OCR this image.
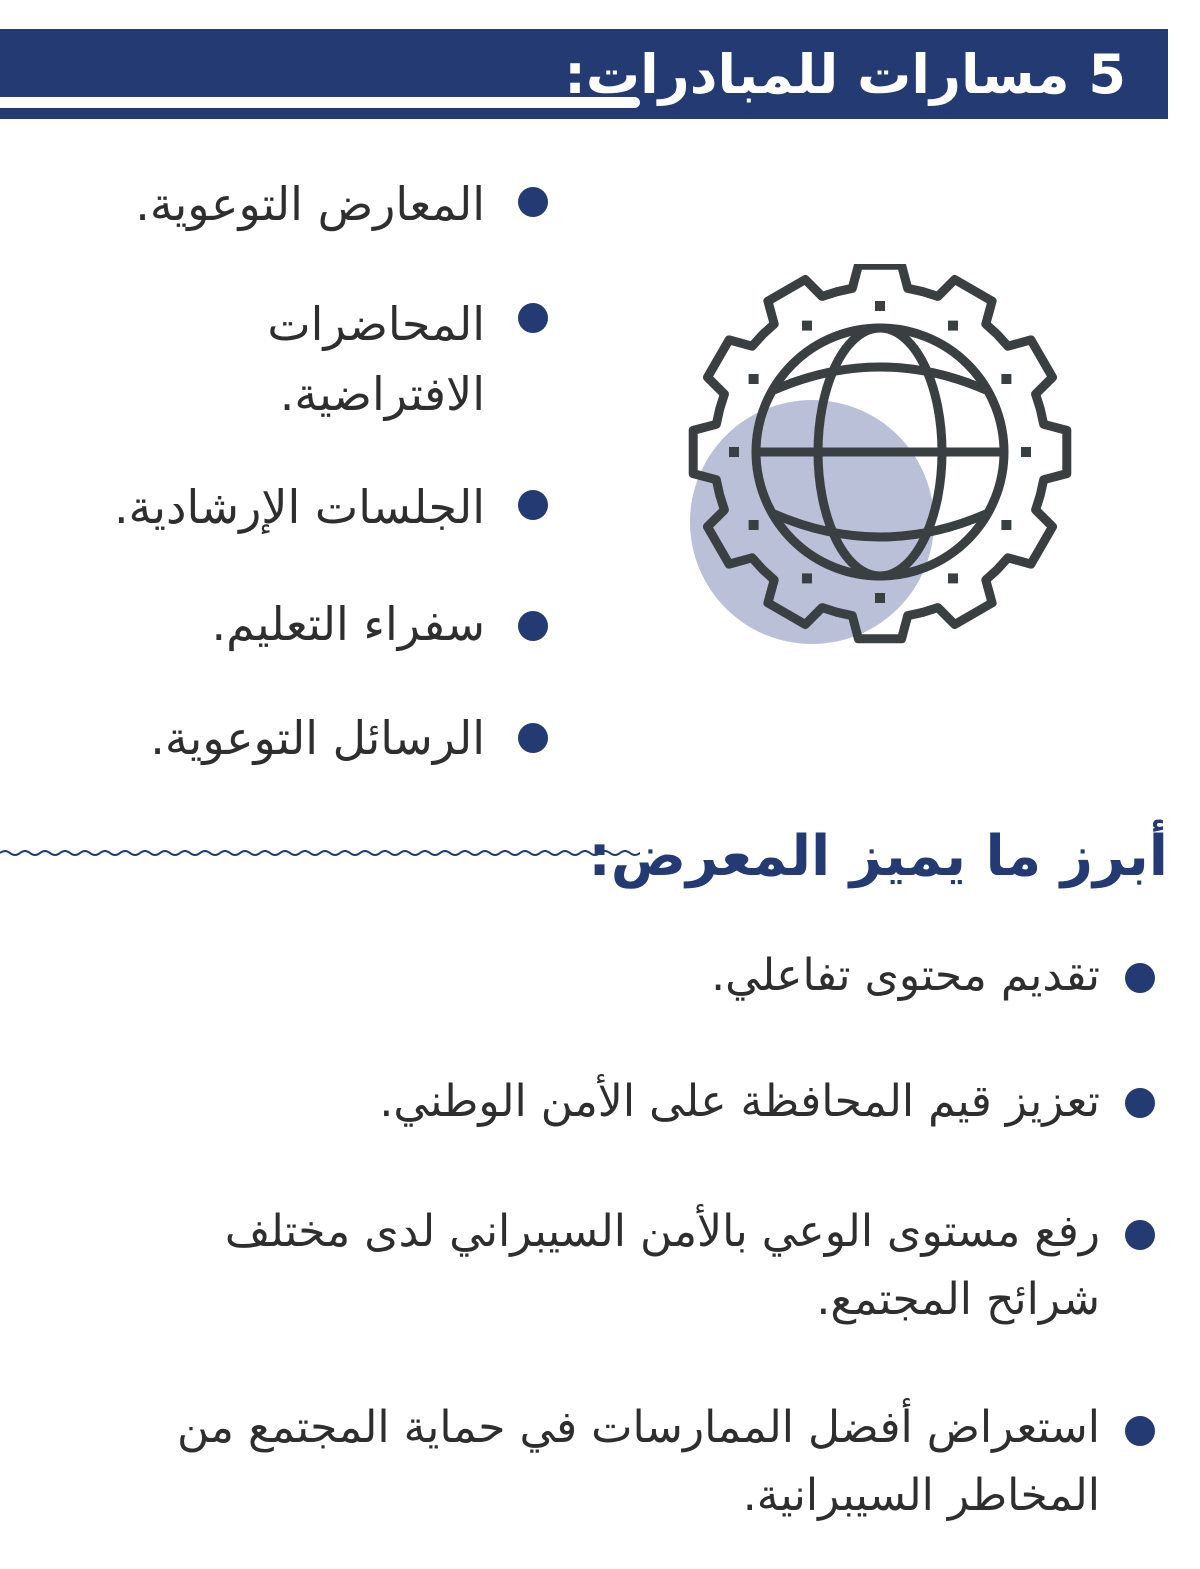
5 مسارات للمبادرات:
المعارض التوعوية.
المحاضرات الافتراضية.
الجلسات الإرشادية.
سفراء التعليم.
الرسائل التوعوية.
أبرز ما يميز المعرض:
تقديم محتوى تفاعلي.
تعزيز قيم المحافظة على الأمن الوطني.
رفع مستوى الوعي بالأمن السيبراني لدى مختلف شرائح المجتمع.
استعراض أفضل الممارسات في حماية المجتمع من المخاطر السيبرانية.
